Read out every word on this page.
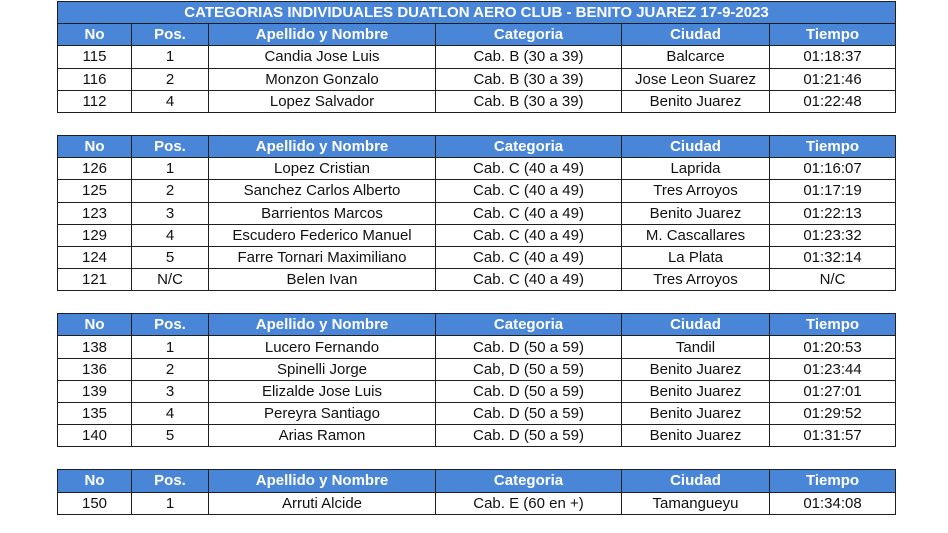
CATEGORIAS INDIVIDUALES DUATLON AERO CLUB - BENITO JUAREZ 17-9-2023					
No	Pos.	Apellido y Nombre	Categoria	Ciudad	Tiempo
115	1	Candia Jose Luis	Cab. B (30 a 39)	Balcarce	01:18:37
116	2	Monzon Gonzalo	Cab. B (30 a 39)	Jose Leon Suarez	01:21:46
112	4	Lopez Salvador	Cab. B (30 a 39)	Benito Juarez	01:22:48

No	Pos.	Apellido y Nombre	Categoria	Ciudad	Tiempo
126	1	Lopez Cristian	Cab. C (40 a 49)	Laprida	01:16:07
125	2	Sanchez Carlos Alberto	Cab. C (40 a 49)	Tres Arroyos	01:17:19
123	3	Barrientos Marcos	Cab. C (40 a 49)	Benito Juarez	01:22:13
129	4	Escudero Federico Manuel	Cab. C (40 a 49)	M. Cascallares	01:23:32
124	5	Farre Tornari Maximiliano	Cab. C (40 a 49)	La Plata	01:32:14
121	N/C	Belen Ivan	Cab. C (40 a 49)	Tres Arroyos	N/C

No	Pos.	Apellido y Nombre	Categoria	Ciudad	Tiempo
138	1	Lucero Fernando	Cab. D (50 a 59)	Tandil	01:20:53
136	2	Spinelli Jorge	Cab, D (50 a 59)	Benito Juarez	01:23:44
139	3	Elizalde Jose Luis	Cab. D (50 a 59)	Benito Juarez	01:27:01
135	4	Pereyra Santiago	Cab. D (50 a 59)	Benito Juarez	01:29:52
140	5	Arias Ramon	Cab. D (50 a 59)	Benito Juarez	01:31:57

No	Pos.	Apellido y Nombre	Categoria	Ciudad	Tiempo
150	1	Arruti Alcide	Cab. E (60 en +)	Tamangueyu	01:34:08
